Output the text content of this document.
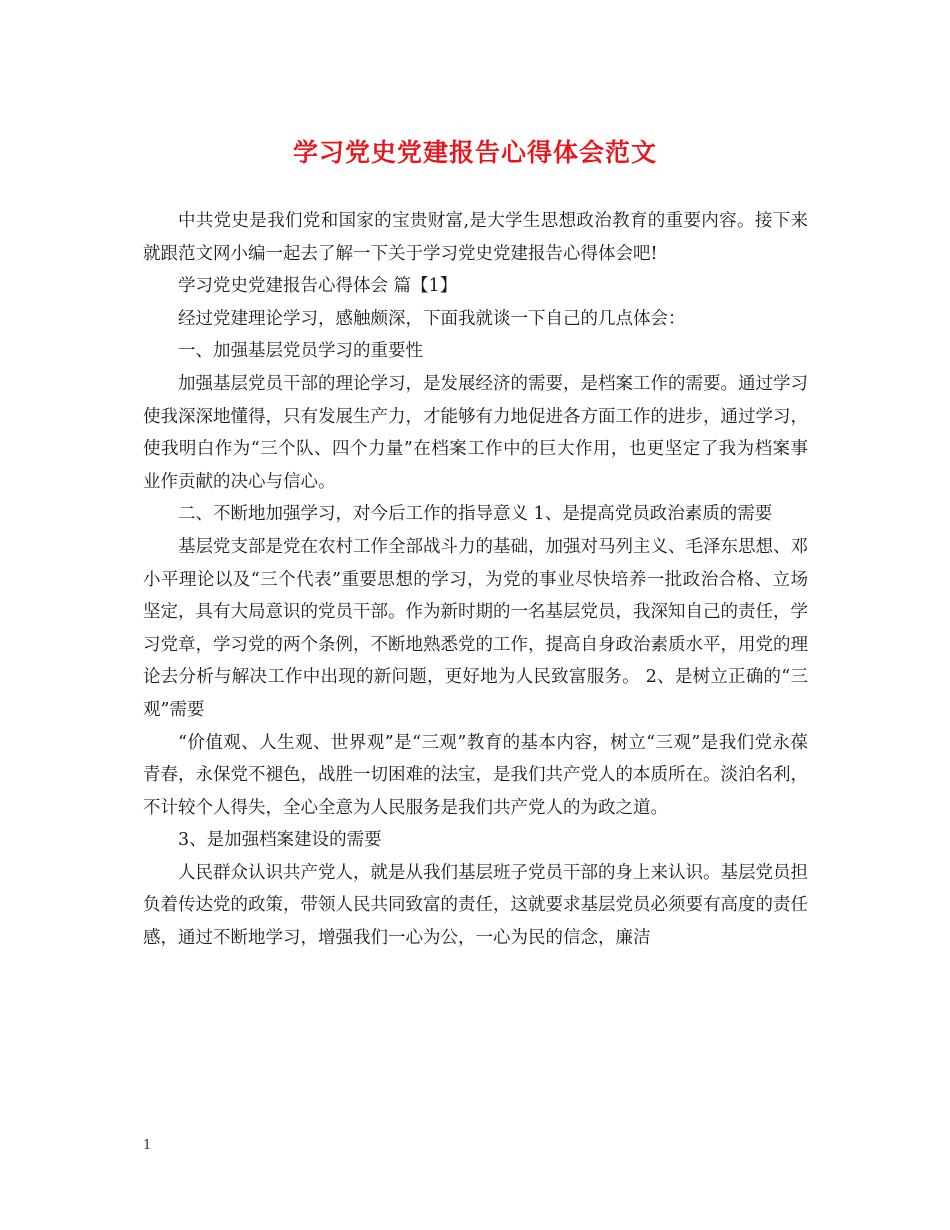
学习党史党建报告心得体会范文

中共党史是我们党和国家的宝贵财富,是大学生思想政治教育的重要内容。接下来就跟范文网小编一起去了解一下关于学习党史党建报告心得体会吧!

学习党史党建报告心得体会 篇【1】

经过党建理论学习，感触颇深，下面我就谈一下自己的几点体会：

一、加强基层党员学习的重要性

加强基层党员干部的理论学习，是发展经济的需要，是档案工作的需要。通过学习使我深深地懂得，只有发展生产力，才能够有力地促进各方面工作的进步，通过学习，使我明白作为“三个队、四个力量”在档案工作中的巨大作用，也更坚定了我为档案事业作贡献的决心与信心。

二、不断地加强学习，对今后工作的指导意义 1、是提高党员政治素质的需要

基层党支部是党在农村工作全部战斗力的基础，加强对马列主义、毛泽东思想、邓小平理论以及“三个代表”重要思想的学习，为党的事业尽快培养一批政治合格、立场坚定，具有大局意识的党员干部。作为新时期的一名基层党员，我深知自己的责任，学习党章，学习党的两个条例，不断地熟悉党的工作，提高自身政治素质水平，用党的理论去分析与解决工作中出现的新问题，更好地为人民致富服务。 2、是树立正确的“三观”需要

“价值观、人生观、世界观”是“三观”教育的基本内容，树立“三观”是我们党永葆青春，永保党不褪色，战胜一切困难的法宝，是我们共产党人的本质所在。淡泊名利，不计较个人得失，全心全意为人民服务是我们共产党人的为政之道。

3、是加强档案建设的需要

人民群众认识共产党人，就是从我们基层班子党员干部的身上来认识。基层党员担负着传达党的政策，带领人民共同致富的责任，这就要求基层党员必须要有高度的责任感，通过不断地学习，增强我们一心为公，一心为民的信念，廉洁

1
